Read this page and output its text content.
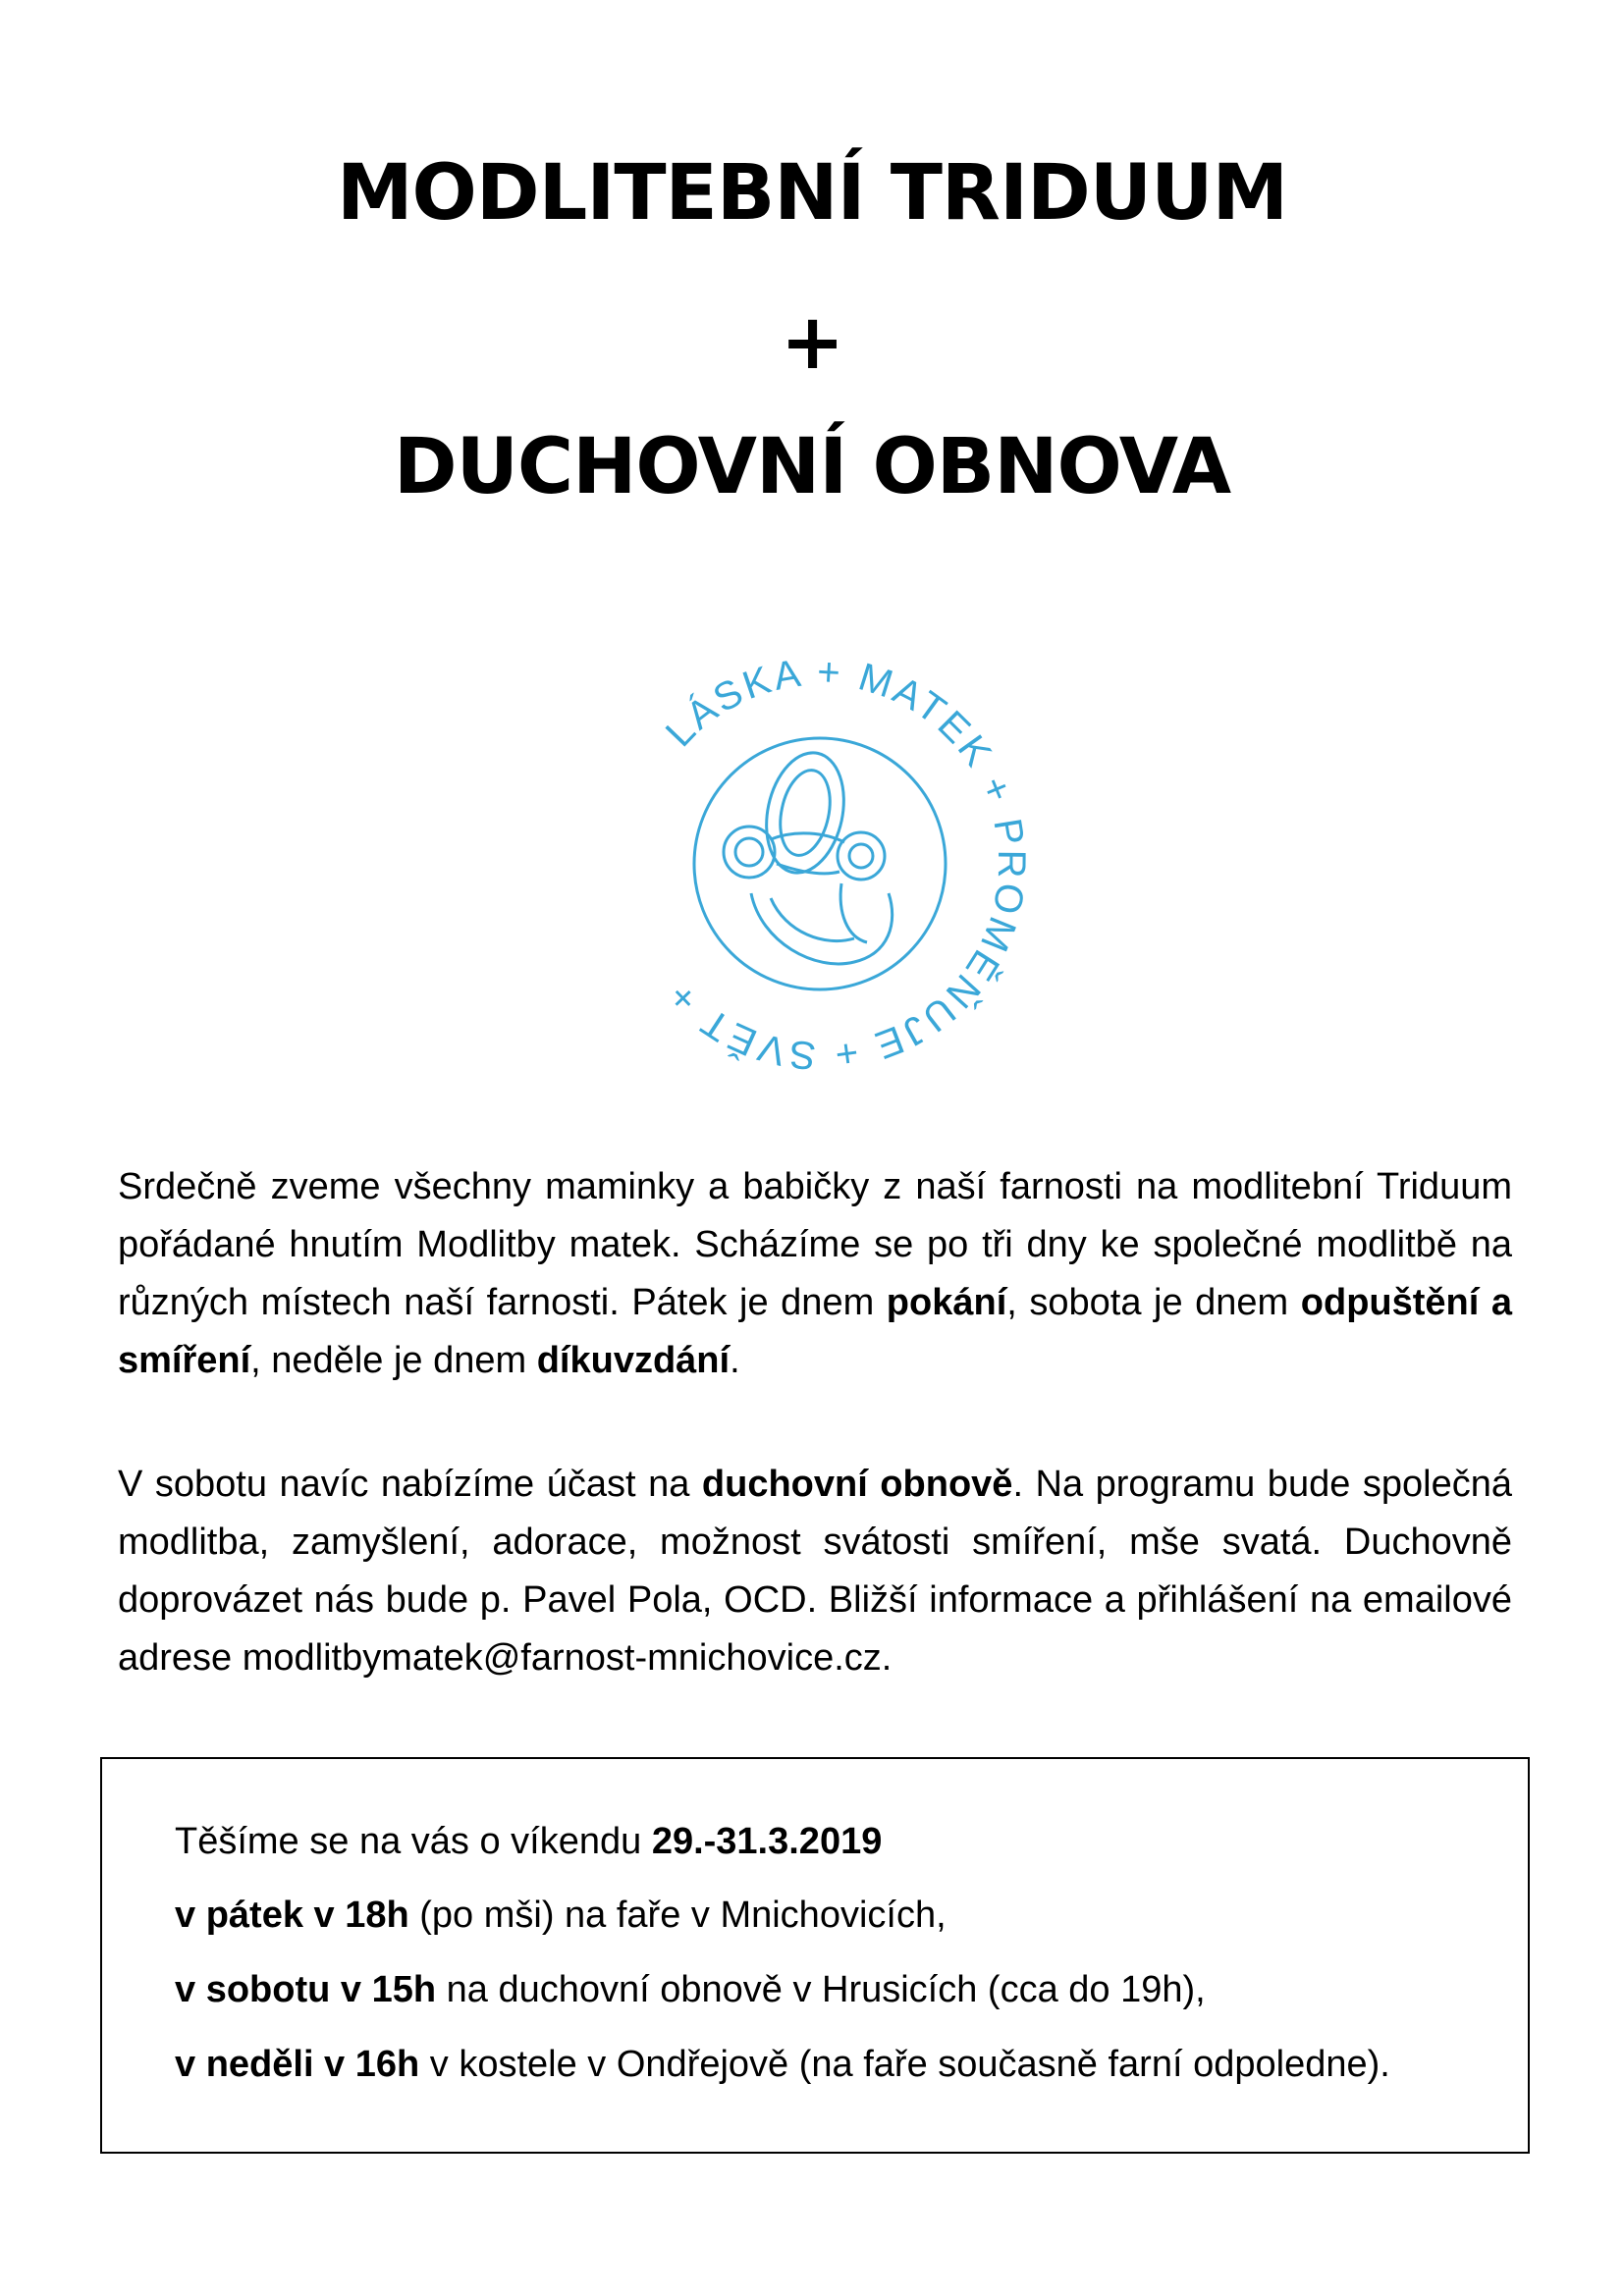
MODLITEBNÍ TRIDUUM
+
DUCHOVNÍ OBNOVA
LÁSKA + MATEK + PROMĚŇUJE + SVĚT +

Srdečně zveme všechny maminky a babičky z naší farnosti na modlitební Triduum pořádané hnutím Modlitby matek. Scházíme se po tři dny ke společné modlitbě na různých místech naší farnosti. Pátek je dnem pokání, sobota je dnem odpuštění a smíření, neděle je dnem díkuvzdání.

V sobotu navíc nabízíme účast na duchovní obnově. Na programu bude společná modlitba, zamyšlení, adorace, možnost svátosti smíření, mše svatá. Duchovně doprovázet nás bude p. Pavel Pola, OCD. Bližší informace a přihlášení na emailové adrese modlitbymatek@farnost-mnichovice.cz.

Těšíme se na vás o víkendu 29.-31.3.2019

v pátek v 18h (po mši) na faře v Mnichovicích,

v sobotu v 15h na duchovní obnově v Hrusicích (cca do 19h),

v neděli v 16h v kostele v Ondřejově (na faře současně farní odpoledne).
